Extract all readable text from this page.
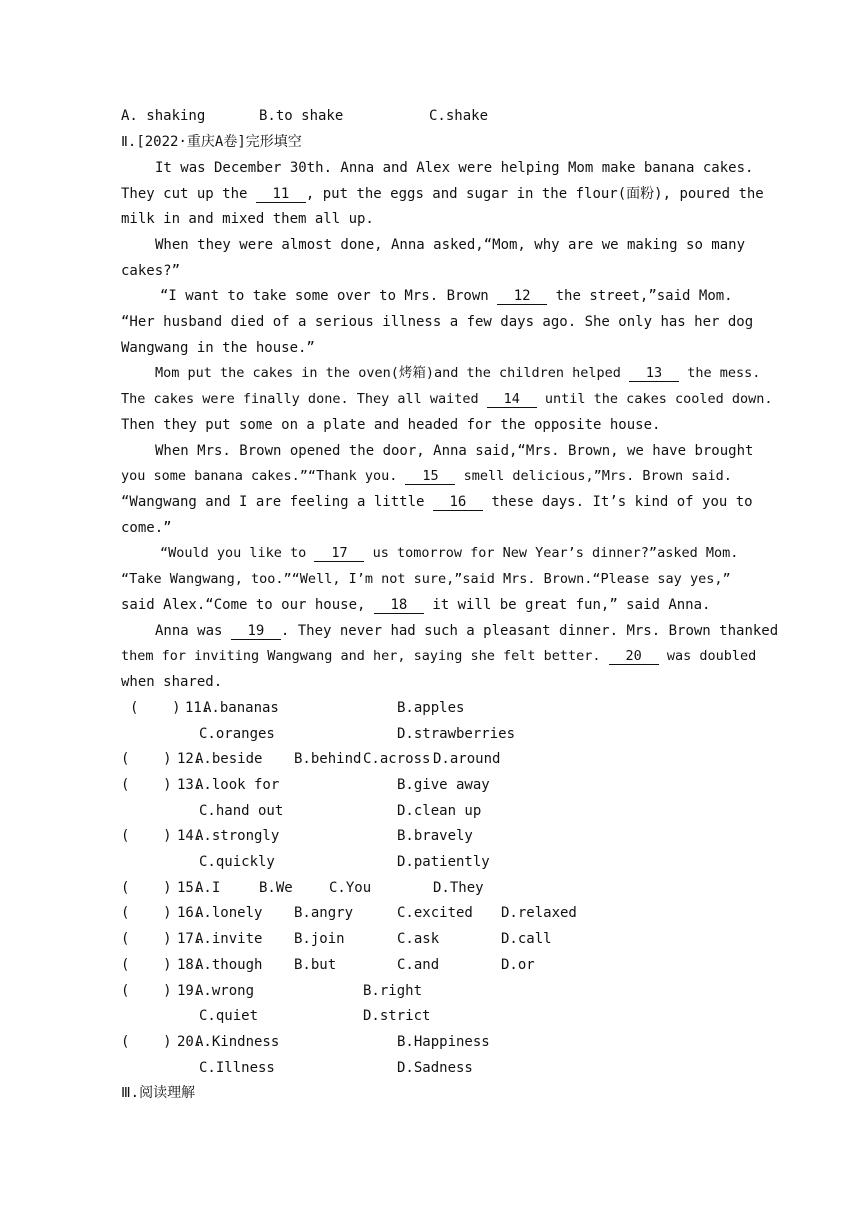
A. shaking	B.to shake	C.shake
Ⅱ.[2022·重庆A卷]完形填空
It was December 30th. Anna and Alex were helping Mom make banana cakes.
They cut up the 11 , put the eggs and sugar in the flour(面粉), poured the
milk in and mixed them all up.
When they were almost done, Anna asked,“Mom, why are we making so many
cakes?”
“I want to take some over to Mrs. Brown 12 the street,”said Mom.
“Her husband died of a serious illness a few days ago. She only has her dog
Wangwang in the house.”
Mom put the cakes in the oven(烤箱)and the children helped 13 the mess.
The cakes were finally done. They all waited 14 until the cakes cooled down.
Then they put some on a plate and headed for the opposite house.
When Mrs. Brown opened the door, Anna said,“Mrs. Brown, we have brought
you some banana cakes.”“Thank you. 15 smell delicious,”Mrs. Brown said.
“Wangwang and I are feeling a little 16 these days. It’s kind of you to
come.”
“Would you like to 17 us tomorrow for New Year’s dinner?”asked Mom.
“Take Wangwang, too.”“Well, I’m not sure,”said Mrs. Brown.“Please say yes,”
said Alex.“Come to our house, 18 it will be great fun,” said Anna.
Anna was 19 . They never had such a pleasant dinner. Mrs. Brown thanked
them for inviting Wangwang and her, saying she felt better. 20 was doubled
when shared.
(    ) 11.
A.bananas	B.apples
C.oranges	D.strawberries
(    ) 12.
A.beside B.behind C.across D.around
(    ) 13.
A.look for	B.give away
C.hand out	D.clean up
(    ) 14.
A.strongly	B.bravely
C.quickly	D.patiently
(    ) 15.
A.I	B.We	C.You	D.They
(    ) 16.
A.lonely B.angry	C.excited D.relaxed
(    ) 17.
A.invite B.join	C.ask	D.call
(    ) 18.
A.though B.but	C.and	D.or
(    ) 19.
A.wrong	B.right
C.quiet	D.strict
(    ) 20.
A.Kindness	B.Happiness
C.Illness	D.Sadness
Ⅲ.阅读理解
